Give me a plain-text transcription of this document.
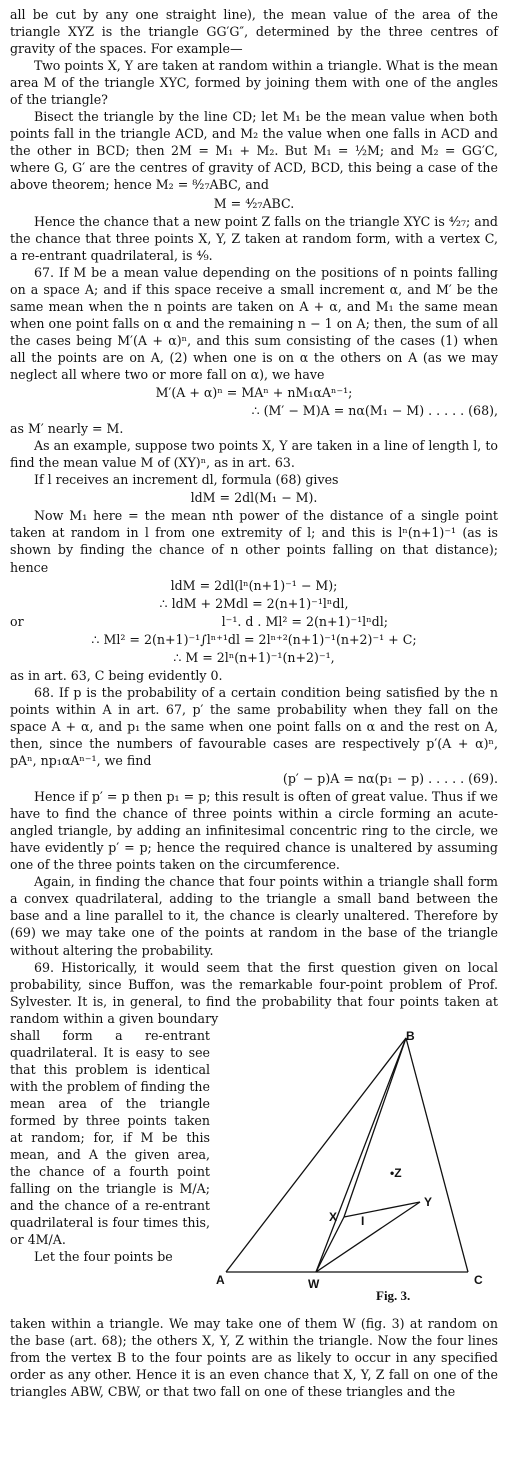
all be cut by any one straight line), the mean value of the area of the triangle XYZ is the triangle GG′G″, determined by the three centres of gravity of the spaces. For example—

Two points X, Y are taken at random within a triangle. What is the mean area M of the triangle XYC, formed by joining them with one of the angles of the triangle?

Bisect the triangle by the line CD; let M₁ be the mean value when both points fall in the triangle ACD, and M₂ the value when one falls in ACD and the other in BCD; then 2M = M₁ + M₂. But M₁ = ½M; and M₂ = GG′C, where G, G′ are the centres of gravity of ACD, BCD, this being a case of the above theorem; hence M₂ = ⁸⁄₂₇ABC, and

M = ⁴⁄₂₇ABC.

Hence the chance that a new point Z falls on the triangle XYC is ⁴⁄₂₇; and the chance that three points X, Y, Z taken at random form, with a vertex C, a re-entrant quadrilateral, is ⁴⁄₉.

67. If M be a mean value depending on the positions of n points falling on a space A; and if this space receive a small increment α, and M′ be the same mean when the n points are taken on A + α, and M₁ the same mean when one point falls on α and the remaining n − 1 on A; then, the sum of all the cases being M′(A + α)ⁿ, and this sum consisting of the cases (1) when all the points are on A, (2) when one is on α the others on A (as we may neglect all where two or more fall on α), we have

M′(A + α)ⁿ = MAⁿ + nM₁αAⁿ⁻¹;
∴ (M′ − M)A = nα(M₁ − M) . . . . . (68),

as M′ nearly = M.

As an example, suppose two points X, Y are taken in a line of length l, to find the mean value M of (XY)ⁿ, as in art. 63.

If l receives an increment dl, formula (68) gives

ldM = 2dl(M₁ − M).

Now M₁ here = the mean nth power of the distance of a single point taken at random in l from one extremity of l; and this is lⁿ(n+1)⁻¹ (as is shown by finding the chance of n other points falling on that distance); hence

ldM = 2dl(lⁿ(n+1)⁻¹ − M);
∴ ldM + 2Mdl = 2(n+1)⁻¹lⁿdl,
or	l⁻¹. d . Ml² = 2(n+1)⁻¹lⁿdl;
∴ Ml² = 2(n+1)⁻¹∫lⁿ⁺¹dl = 2lⁿ⁺²(n+1)⁻¹(n+2)⁻¹ + C;
∴ M = 2lⁿ(n+1)⁻¹(n+2)⁻¹,

as in art. 63, C being evidently 0.

68. If p is the probability of a certain condition being satisfied by the n points within A in art. 67, p′ the same probability when they fall on the space A + α, and p₁ the same when one point falls on α and the rest on A, then, since the numbers of favourable cases are respectively p′(A + α)ⁿ, pAⁿ, np₁αAⁿ⁻¹, we find

(p′ − p)A = nα(p₁ − p) . . . . . (69).

Hence if p′ = p then p₁ = p; this result is often of great value. Thus if we have to find the chance of three points within a circle forming an acute-angled triangle, by adding an infinitesimal concentric ring to the circle, we have evidently p′ = p; hence the required chance is unaltered by assuming one of the three points taken on the circumference.

Again, in finding the chance that four points within a triangle shall form a convex quadrilateral, adding to the triangle a small band between the base and a line parallel to it, the chance is clearly unaltered. Therefore by (69) we may take one of the points at random in the base of the triangle without altering the probability.

69. Historically, it would seem that the first question given on local probability, since Buffon, was the remarkable four-point problem of Prof. Sylvester. It is, in general, to find the probability that four points taken at random within a given boundary

A
B
C
W
X
Y
•Z
I
Fig. 3.

shall form a re-entrant quadrilateral. It is easy to see that this problem is identical with the problem of finding the mean area of the triangle formed by three points taken at random; for, if M be this mean, and A the given area, the chance of a fourth point falling on the triangle is M/A; and the chance of a re-entrant quadrilateral is four times this, or 4M/A.

Let the four points be

taken within a triangle. We may take one of them W (fig. 3) at random on the base (art. 68); the others X, Y, Z within the triangle. Now the four lines from the vertex B to the four points are as likely to occur in any specified order as any other. Hence it is an even chance that X, Y, Z fall on one of the triangles ABW, CBW, or that two fall on one of these triangles and the
